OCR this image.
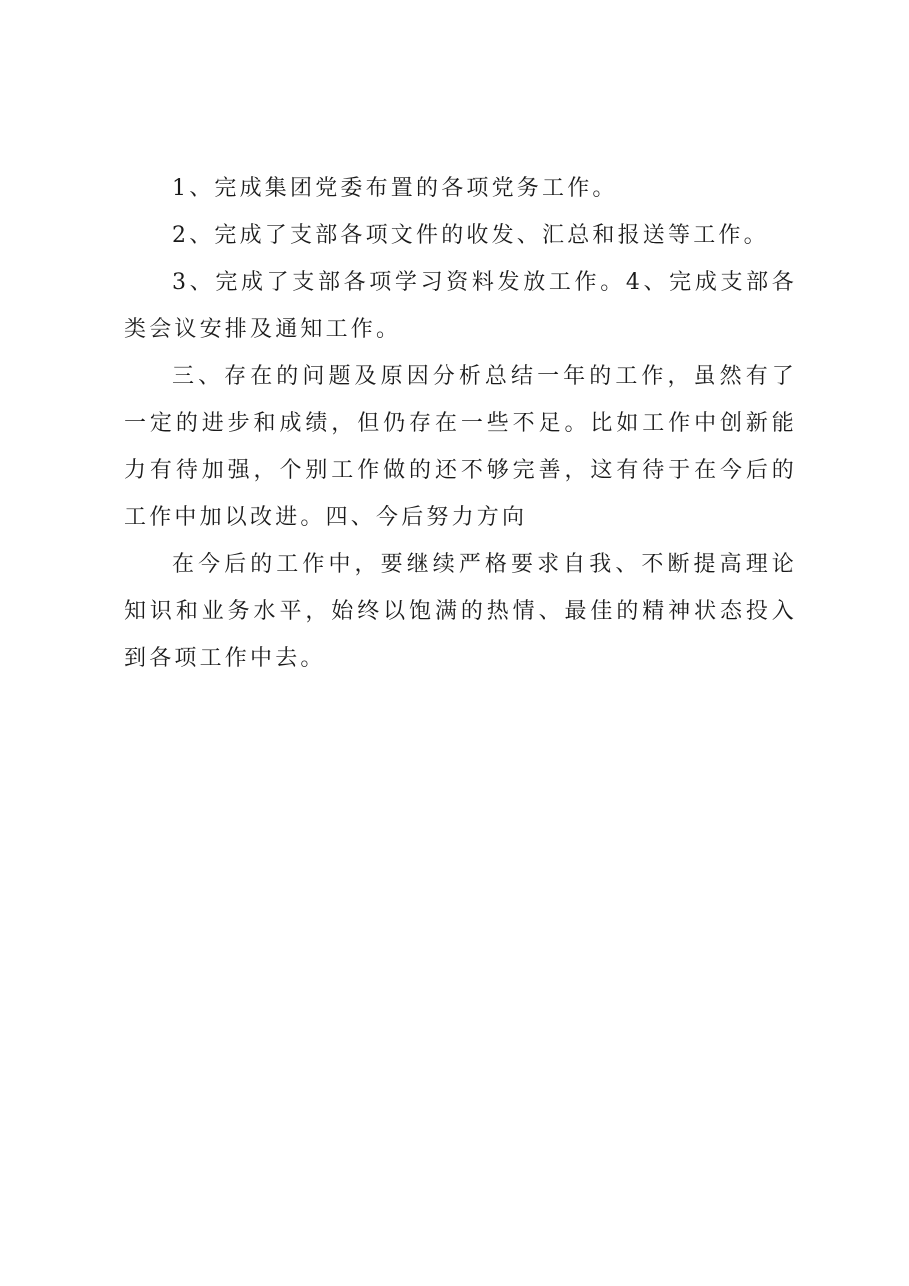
1、完成集团党委布置的各项党务工作。

2、完成了支部各项文件的收发、汇总和报送等工作。

3、完成了支部各项学习资料发放工作。4、完成支部各类会议安排及通知工作。

三、存在的问题及原因分析总结一年的工作，虽然有了一定的进步和成绩，但仍存在一些不足。比如工作中创新能力有待加强，个别工作做的还不够完善，这有待于在今后的工作中加以改进。四、今后努力方向

在今后的工作中，要继续严格要求自我、不断提高理论知识和业务水平，始终以饱满的热情、最佳的精神状态投入到各项工作中去。
